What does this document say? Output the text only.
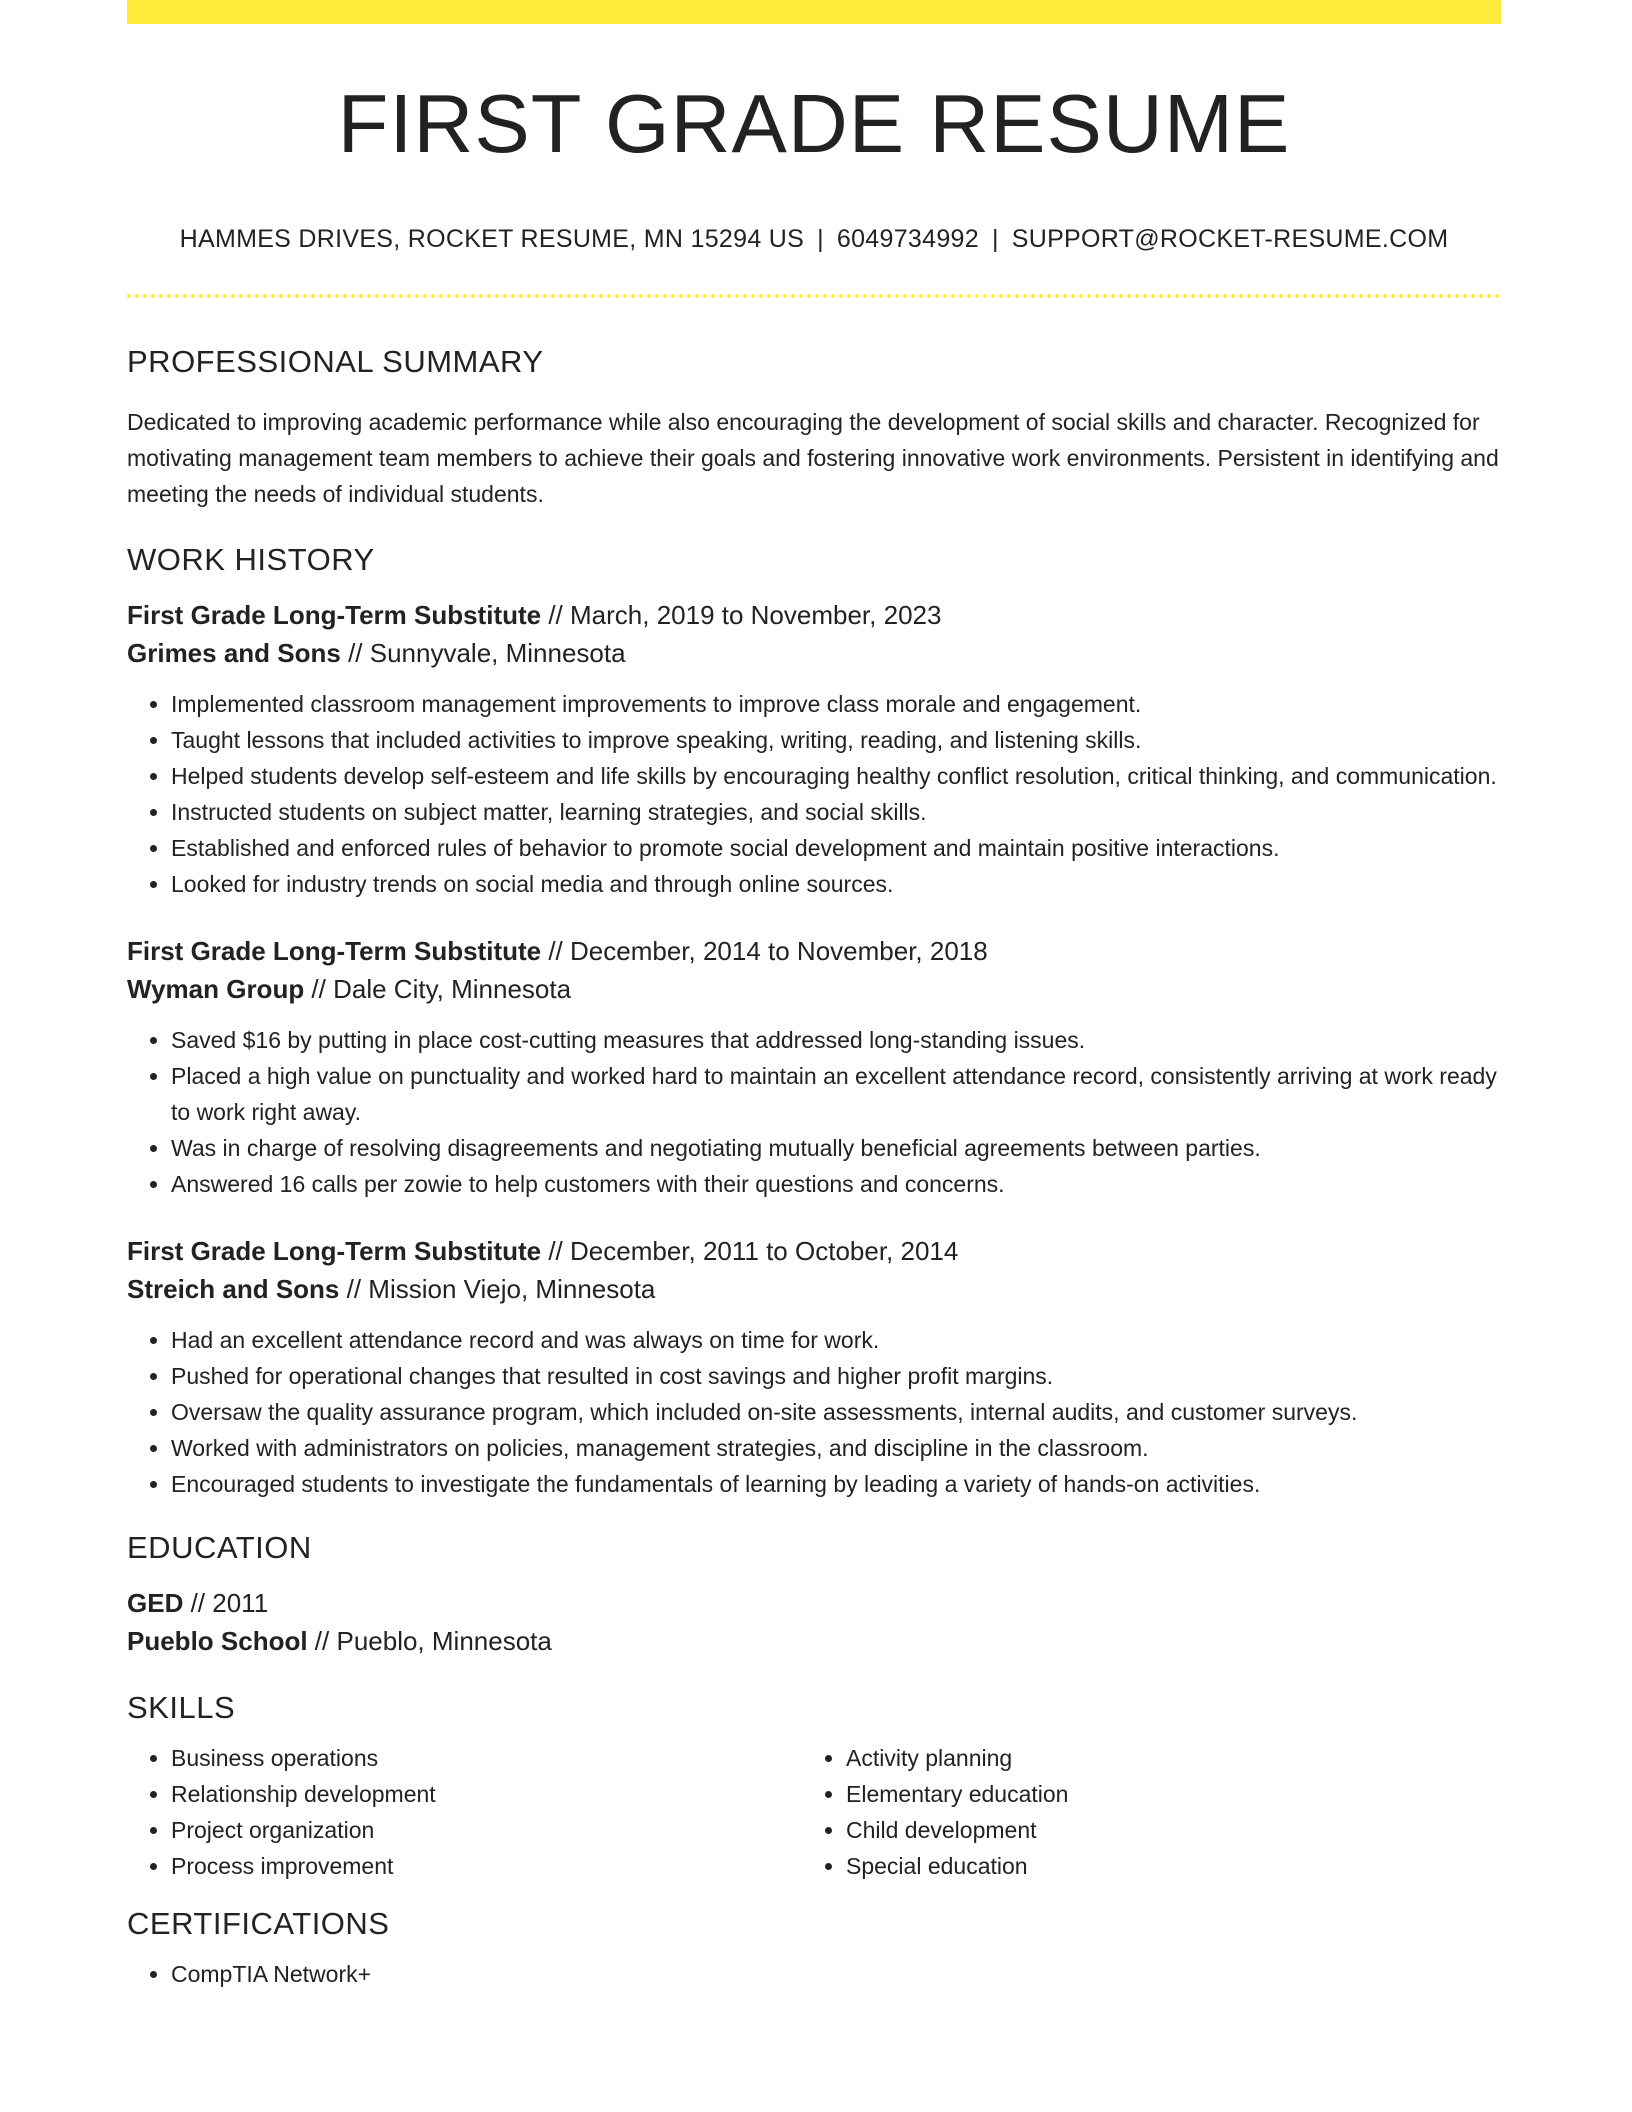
FIRST GRADE RESUME
HAMMES DRIVES, ROCKET RESUME, MN 15294 US | 6049734992 | SUPPORT@ROCKET-RESUME.COM
PROFESSIONAL SUMMARY
Dedicated to improving academic performance while also encouraging the development of social skills and character. Recognized for motivating management team members to achieve their goals and fostering innovative work environments. Persistent in identifying and meeting the needs of individual students.
WORK HISTORY
First Grade Long-Term Substitute // March, 2019 to November, 2023
Grimes and Sons // Sunnyvale, Minnesota
• Implemented classroom management improvements to improve class morale and engagement.
• Taught lessons that included activities to improve speaking, writing, reading, and listening skills.
• Helped students develop self-esteem and life skills by encouraging healthy conflict resolution, critical thinking, and communication.
• Instructed students on subject matter, learning strategies, and social skills.
• Established and enforced rules of behavior to promote social development and maintain positive interactions.
• Looked for industry trends on social media and through online sources.
First Grade Long-Term Substitute // December, 2014 to November, 2018
Wyman Group // Dale City, Minnesota
• Saved $16 by putting in place cost-cutting measures that addressed long-standing issues.
• Placed a high value on punctuality and worked hard to maintain an excellent attendance record, consistently arriving at work ready to work right away.
• Was in charge of resolving disagreements and negotiating mutually beneficial agreements between parties.
• Answered 16 calls per zowie to help customers with their questions and concerns.
First Grade Long-Term Substitute // December, 2011 to October, 2014
Streich and Sons // Mission Viejo, Minnesota
• Had an excellent attendance record and was always on time for work.
• Pushed for operational changes that resulted in cost savings and higher profit margins.
• Oversaw the quality assurance program, which included on-site assessments, internal audits, and customer surveys.
• Worked with administrators on policies, management strategies, and discipline in the classroom.
• Encouraged students to investigate the fundamentals of learning by leading a variety of hands-on activities.
EDUCATION
GED // 2011
Pueblo School // Pueblo, Minnesota
SKILLS
• Business operations
• Relationship development
• Project organization
• Process improvement
• Activity planning
• Elementary education
• Child development
• Special education
CERTIFICATIONS
• CompTIA Network+
